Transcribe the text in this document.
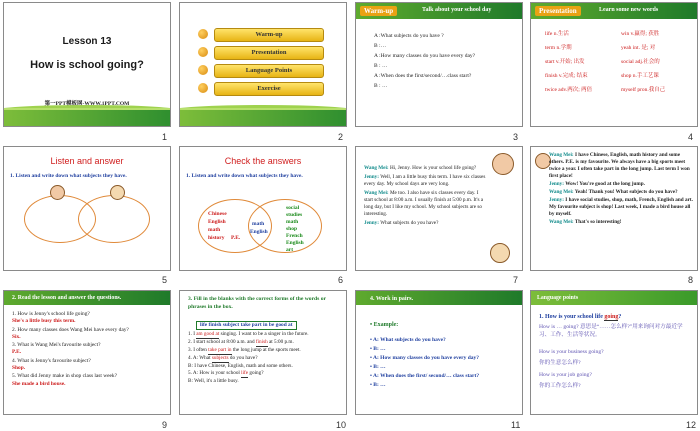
Lesson 13
How is school going?
第一PPT模板网-WWW.1PPT.COM
1
Warm-up
Presentation
Language Points
Exercise
2
Warm-up	Talk about your school day
A :What subjects do you have ?
B :…
A :How many classes do you have every day?
B : …
A :When does the first/second/…class start?
B : …
3
Presentation	Learn some new words
life n.生活
term n.学期
start v.开始; 出发
finish v.完成; 结束
twice adv.两次; 两倍
win v.赢得; 获胜
yeah int. 是; 对
social adj.社会的
shop n.手工艺课
myself pron.我自己
4
Listen and answer
1. Listen and write down what subjects they have.
5
Check the answers
1. Listen and write down what subjects they have.
Chinese
English
math
history P.E.
math
English
social
studies
math
shop
French
English
art
6
Wang Mei: Hi, Jenny. How is your school life going?
Jenny: Well, I am a little busy this term. I have six classes every day. My school days are very long.
Wang Mei: Me too. I also have six classes every day. I start school at 8:00 a.m. I usually finish at 5:00 p.m. It's a long day, but I like my school. My school subjects are so interesting.
Jenny: What subjects do you have?
7
Wang Mei: I have Chinese, English, math history and some others. P.E. is my favourite. We always have a big sports meet twice a year. I often take part in the long jump. Last term I won first place!
Jenny: Wow! You're good at the long jump.
Wang Mei: Yeah! Thank you! What subjects do you have?
Jenny: I have social studies, shop, math, French, English and art. My favourite subject is shop! Last week, I made a bird house all by myself.
Wang Mei: That's so interesting!
8
2. Read the lesson and answer the questions.
1. How is Jenny's school life going?
She's a little busy this term.
2. How many classes does Wang Mei have every day?
Six.
3. What is Wang Mei's favourite subject?
P.E.
4. What is Jenny's favourite subject?
Shop.
5. What did Jenny make in shop class last week?
She made a bird house.
9
3. Fill in the blanks with the correct forms of the words or phrases in the box.
life finish subject take part in be good at
1. I am good at singing. I want to be a singer in the future.
2. I start school at 8:00 a.m. and finish at 5:00 p.m.
3. I often take part in the long jump at the sports meet.
4. A: What subjects do you have?
B: I have Chinese, English, math and some others.
5. A: How is your school life going?
B: Well, it's a little busy.
10
4. Work in pairs.
• Example:
• A: What subjects do you have?
• B: …
• A: How many classes do you have every day?
• B: …
• A: When does the first/ second/… class start?
• B: …
11
Language points
1. How is your school life going?
How is … going? 意思是“……怎么样?”用来询问对方最近学习、工作、生活等状况。
How is your business going?
你的生意怎么样?
How is your job going?
你的工作怎么样?
12
